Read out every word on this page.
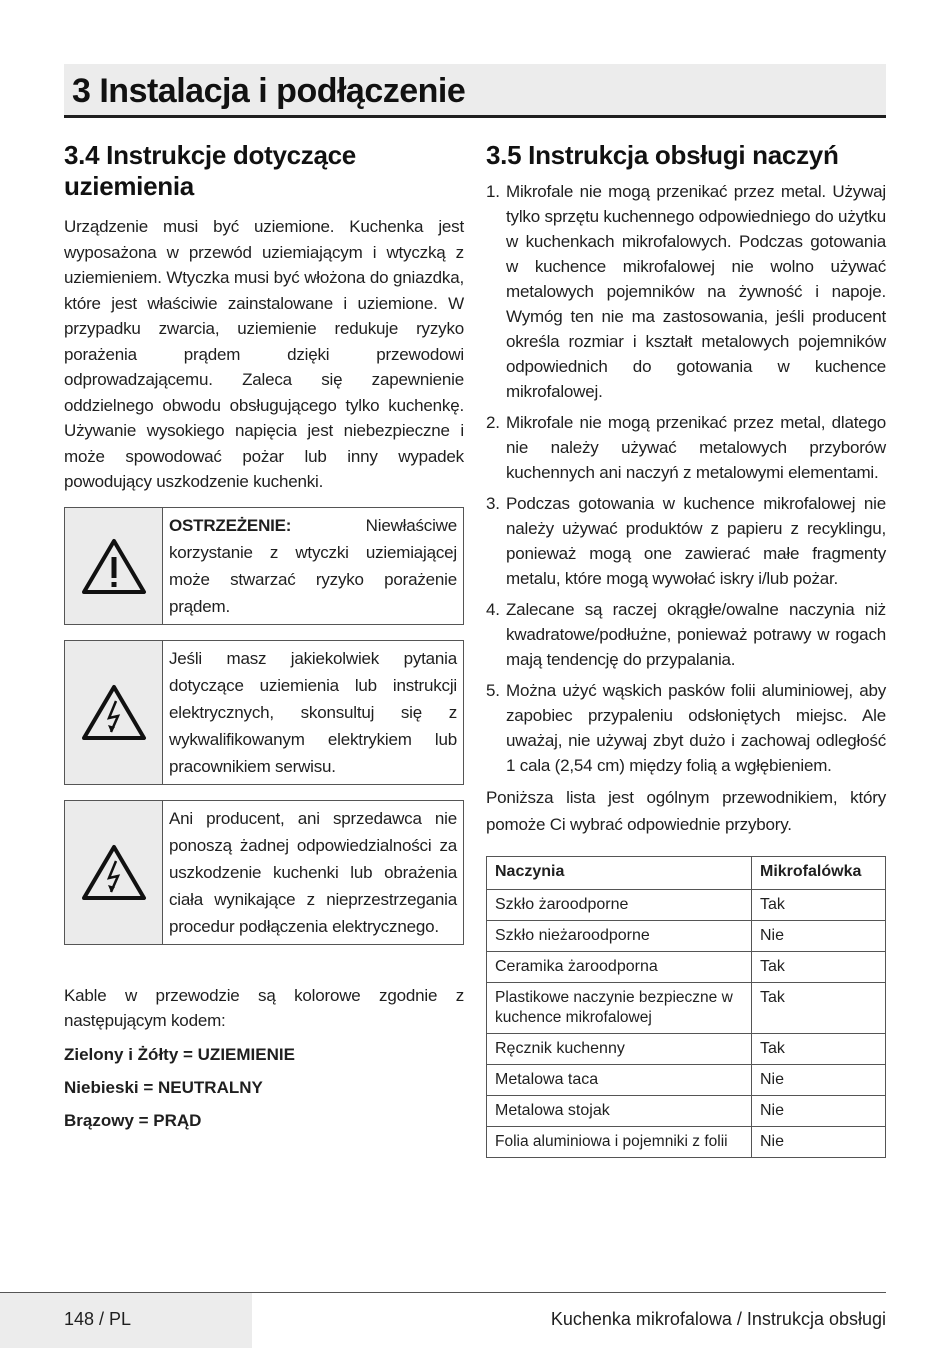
3 Instalacja i podłączenie
3.4 Instrukcje dotyczące uziemienia

Urządzenie musi być uziemione. Kuchenka jest wyposażona w przewód uziemiającym i wtyczką z uziemieniem. Wtyczka musi być włożona do gniazdka, które jest właściwie zainstalowane i uziemione. W przypadku zwarcia, uziemienie redukuje ryzyko porażenia prądem dzięki przewodowi odprowadzającemu. Zaleca się zapewnienie oddzielnego obwodu obsługującego tylko kuchenkę. Używanie wysokiego napięcia jest niebezpieczne i może spowodować pożar lub inny wypadek powodujący uszkodzenie kuchenki.

OSTRZEŻENIE: Niewłaściwe korzystanie z wtyczki uziemiającej może stwarzać ryzyko porażenie prądem.
Jeśli masz jakiekolwiek pytania dotyczące uziemienia lub instrukcji elektrycznych, skonsultuj się z wykwalifikowanym elektrykiem lub pracownikiem serwisu.
Ani producent, ani sprzedawca nie ponoszą żadnej odpowiedzialności za uszkodzenie kuchenki lub obrażenia ciała wynikające z nieprzestrzegania procedur podłączenia elektrycznego.

Kable w przewodzie są kolorowe zgodnie z następującym kodem:

Zielony i Żółty = UZIEMIENIE
Niebieski = NEUTRALNY
Brązowy = PRĄD
3.5 Instrukcja obsługi naczyń
1. Mikrofale nie mogą przenikać przez metal. Używaj tylko sprzętu kuchennego odpowiedniego do użytku w kuchenkach mikrofalowych. Podczas gotowania w kuchence mikrofalowej nie wolno używać metalowych pojemników na żywność i napoje. Wymóg ten nie ma zastosowania, jeśli producent określa rozmiar i kształt metalowych pojemników odpowiednich do gotowania w kuchence mikrofalowej.
2. Mikrofale nie mogą przenikać przez metal, dlatego nie należy używać metalowych przyborów kuchennych ani naczyń z metalowymi elementami.
3. Podczas gotowania w kuchence mikrofalowej nie należy używać produktów z papieru z recyklingu, ponieważ mogą one zawierać małe fragmenty metalu, które mogą wywołać iskry i/lub pożar.
4. Zalecane są raczej okrągłe/owalne naczynia niż kwadratowe/podłużne, ponieważ potrawy w rogach mają tendencję do przypalania.
5. Można użyć wąskich pasków folii aluminiowej, aby zapobiec przypaleniu odsłoniętych miejsc. Ale uważaj, nie używaj zbyt dużo i zachowaj odległość 1 cala (2,54 cm) między folią a wgłębieniem.

Poniższa lista jest ogólnym przewodnikiem, który pomoże Ci wybrać odpowiednie przybory.

Naczynia	Mikrofalówka
Szkło żaroodporne	Tak
Szkło nieżaroodporne	Nie
Ceramika żaroodporna	Tak
Plastikowe naczynie bezpieczne w kuchence mikrofalowej	Tak
Ręcznik kuchenny	Tak
Metalowa taca	Nie
Metalowa stojak	Nie
Folia aluminiowa i pojemniki z folii	Nie
148 / PL	Kuchenka mikrofalowa / Instrukcja obsługi
